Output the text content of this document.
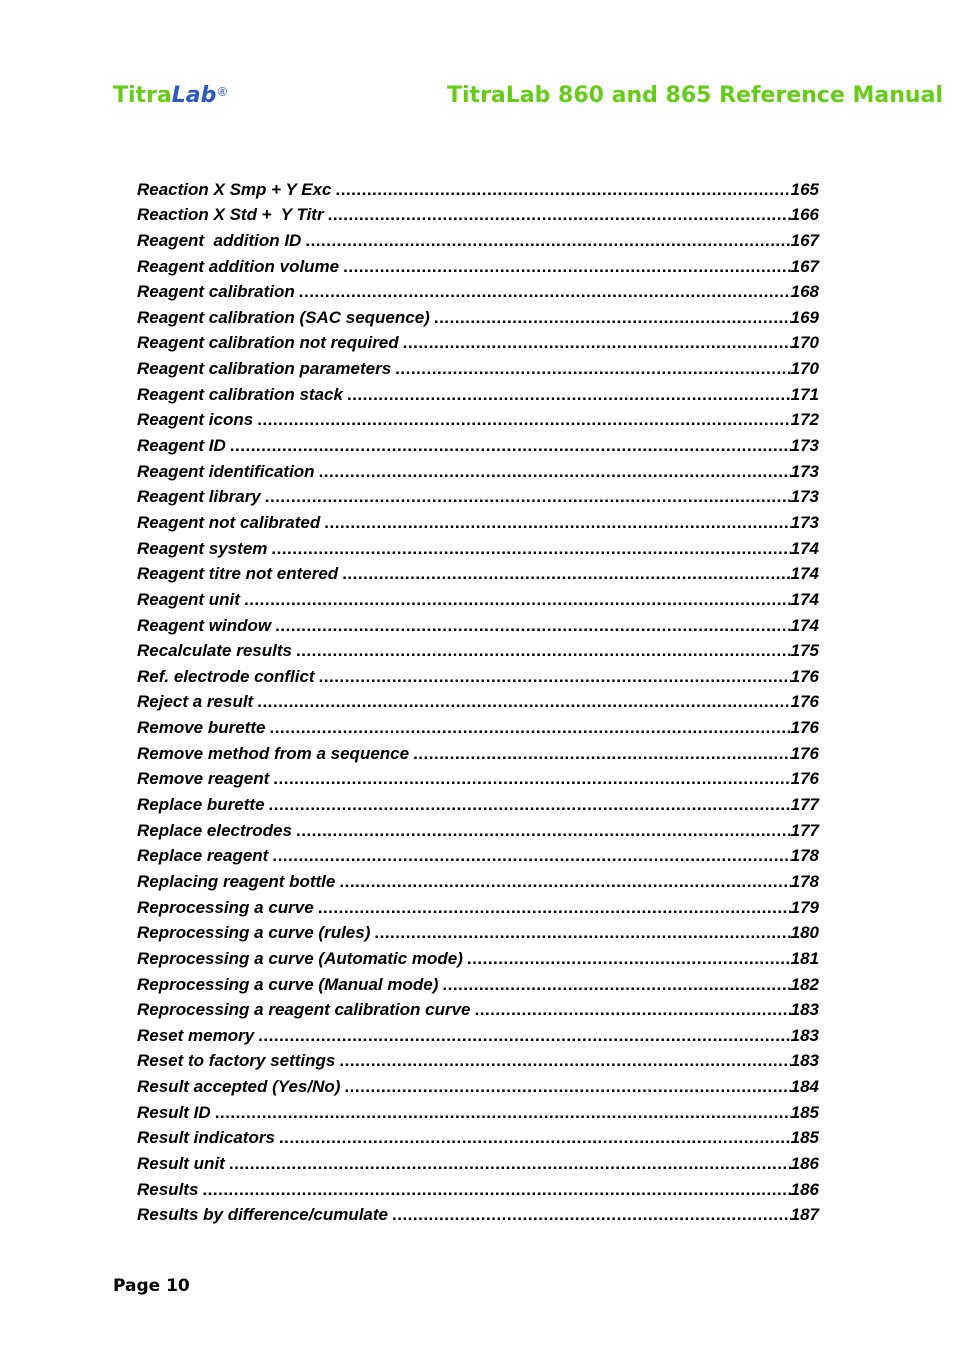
TitraLab®	TitraLab 860 and 865 Reference Manual
Reaction X Smp + Y Exc .....	165
Reaction X Std +  Y Titr .....	166
Reagent  addition ID .....	167
Reagent addition volume .....	167
Reagent calibration .....	168
Reagent calibration (SAC sequence) .....	169
Reagent calibration not required .....	170
Reagent calibration parameters .....	170
Reagent calibration stack .....	171
Reagent icons .....	172
Reagent ID .....	173
Reagent identification .....	173
Reagent library .....	173
Reagent not calibrated .....	173
Reagent system .....	174
Reagent titre not entered .....	174
Reagent unit .....	174
Reagent window .....	174
Recalculate results .....	175
Ref. electrode conflict .....	176
Reject a result .....	176
Remove burette .....	176
Remove method from a sequence .....	176
Remove reagent .....	176
Replace burette .....	177
Replace electrodes .....	177
Replace reagent .....	178
Replacing reagent bottle .....	178
Reprocessing a curve .....	179
Reprocessing a curve (rules) .....	180
Reprocessing a curve (Automatic mode) .....	181
Reprocessing a curve (Manual mode) .....	182
Reprocessing a reagent calibration curve .....	183
Reset memory .....	183
Reset to factory settings .....	183
Result accepted (Yes/No) .....	184
Result ID .....	185
Result indicators .....	185
Result unit .....	186
Results .....	186
Results by difference/cumulate .....	187
Page 10
